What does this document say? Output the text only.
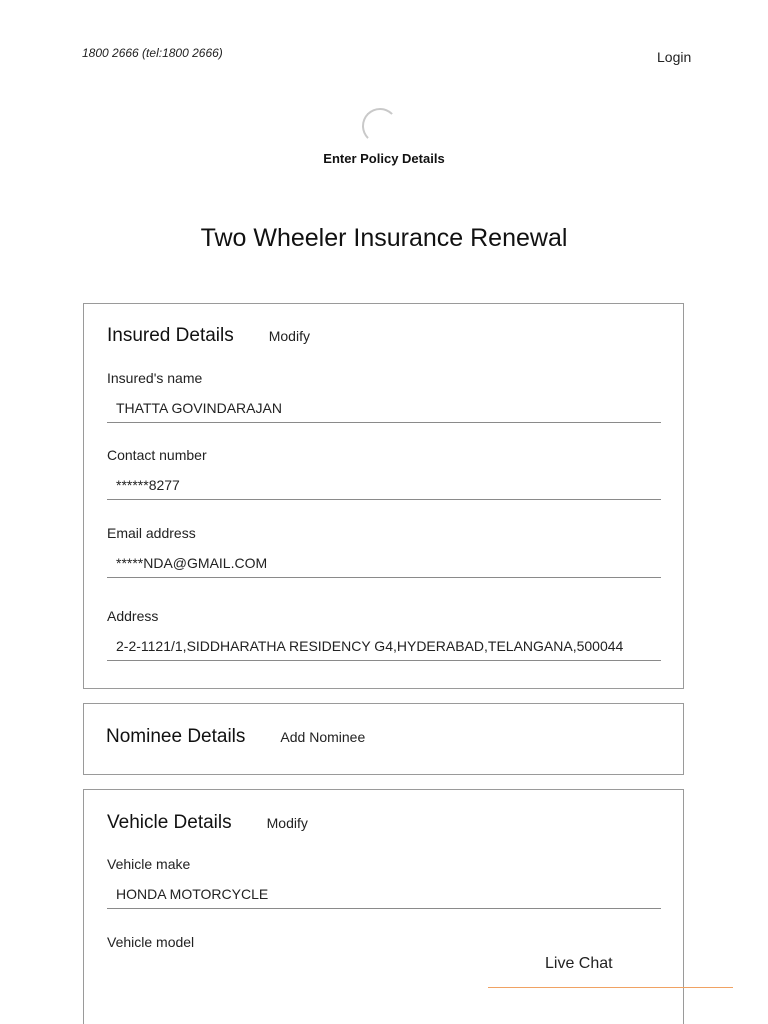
1800 2666 (tel:1800 2666)	Login
Enter Policy Details
Two Wheeler Insurance Renewal
Insured Details	Modify
Insured's name
THATTA GOVINDARAJAN
Contact number
******8277
Email address
*****NDA@GMAIL.COM
Address
2-2-1121/1,SIDDHARATHA RESIDENCY G4,HYDERABAD,TELANGANA,500044
Nominee Details	Add Nominee
Vehicle Details	Modify
Vehicle make
HONDA MOTORCYCLE
Vehicle model
Live Chat
